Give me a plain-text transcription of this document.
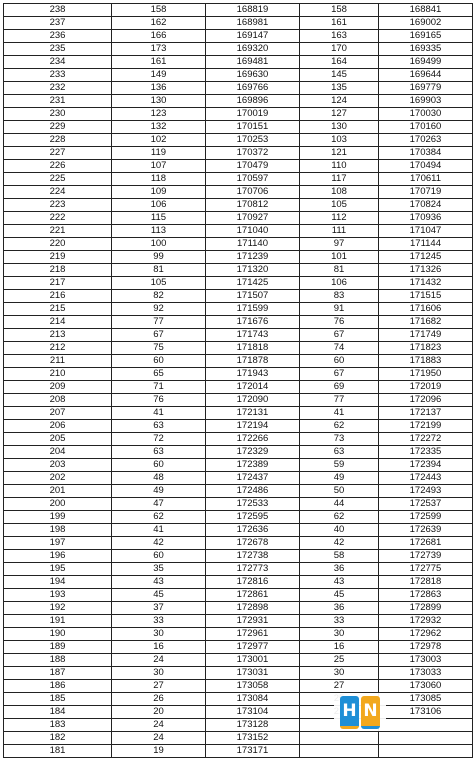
238	158	168819	158	168841
237	162	168981	161	169002
236	166	169147	163	169165
235	173	169320	170	169335
234	161	169481	164	169499
233	149	169630	145	169644
232	136	169766	135	169779
231	130	169896	124	169903
230	123	170019	127	170030
229	132	170151	130	170160
228	102	170253	103	170263
227	119	170372	121	170384
226	107	170479	110	170494
225	118	170597	117	170611
224	109	170706	108	170719
223	106	170812	105	170824
222	115	170927	112	170936
221	113	171040	111	171047
220	100	171140	97	171144
219	99	171239	101	171245
218	81	171320	81	171326
217	105	171425	106	171432
216	82	171507	83	171515
215	92	171599	91	171606
214	77	171676	76	171682
213	67	171743	67	171749
212	75	171818	74	171823
211	60	171878	60	171883
210	65	171943	67	171950
209	71	172014	69	172019
208	76	172090	77	172096
207	41	172131	41	172137
206	63	172194	62	172199
205	72	172266	73	172272
204	63	172329	63	172335
203	60	172389	59	172394
202	48	172437	49	172443
201	49	172486	50	172493
200	47	172533	44	172537
199	62	172595	62	172599
198	41	172636	40	172639
197	42	172678	42	172681
196	60	172738	58	172739
195	35	172773	36	172775
194	43	172816	43	172818
193	45	172861	45	172863
192	37	172898	36	172899
191	33	172931	33	172932
190	30	172961	30	172962
189	16	172977	16	172978
188	24	173001	25	173003
187	30	173031	30	173033
186	27	173058	27	173060
185	26	173084		173085
184	20	173104		173106
183	24	173128		
182	24	173152		
181	19	173171		
H N
